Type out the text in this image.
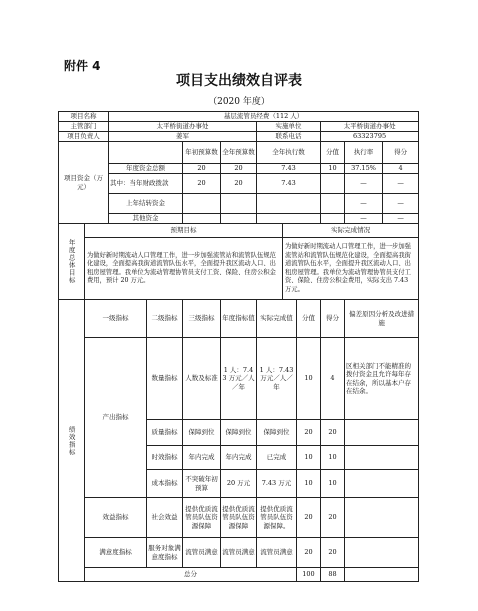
附件 4
项目支出绩效自评表
（2020 年度）
项目名称		基层流管员经费（112 人）									
主管部门		太平桥街道办事处				实施单位			太平桥街道办事处		
项目负责人		姜军				联系电话			63323795		
项目资金（万元）				年初预算数	全年预算数	全年执行数			分值	执行率	得分
		年度资金总额		20	20	7.43			10	37.15%	4
		其中：当年财政拨款		20	20	7.43				—	—
		上年结转资金								—	—
		其他资金								—	—
年度总体目标	预期目标						实际完成情况				
	为做好新时期流动人口管理工作，进一步加强流管站和流管队伍规范化建设，全面提高我街道流管队伍水平，全面提升我区流动人口、出租房屋管理。我单位为流动管理协管员支付工资、保险、住房公积金费用，预计 20 万元。						为做好新时期流动人口管理工作，进一步加强流管站和流管队伍规范化建设，全面提高我街道流管队伍水平，全面提升我区流动人口、出租房屋管理。我单位为流动管理协管员支付工资、保险、住房公积金费用，实际支出 7.43 万元。				
绩效指标	一级指标		二级指标	三级指标	年度指标值	实际完成值		分值	得分	偏差原因分析及改进措施	
	产出指标		数量指标	人数及标准	1 人：7.43 万元／人／年	1 人：7.43 万元／人／年		10	4	区相关部门不能精准的拨付资金且允许每年存在结余，所以基本户存在结余。	
			质量指标	保障到位	保障到位	保障到位		20	20		
			时效指标	年内完成	年内完成	已完成		10	10		
			成本指标	不突破年初预算	20 万元	7.43 万元		10	10		
	效益指标		社会效益	提供优质流管员队伍资源保障	提供优质流管员队伍资源保障	提供优质流管员队伍资源保障。		20	20		
	满意度指标		服务对象满意度指标	流管员满意	流管员满意	流管员满意		20	20		
	总分							100	88		
